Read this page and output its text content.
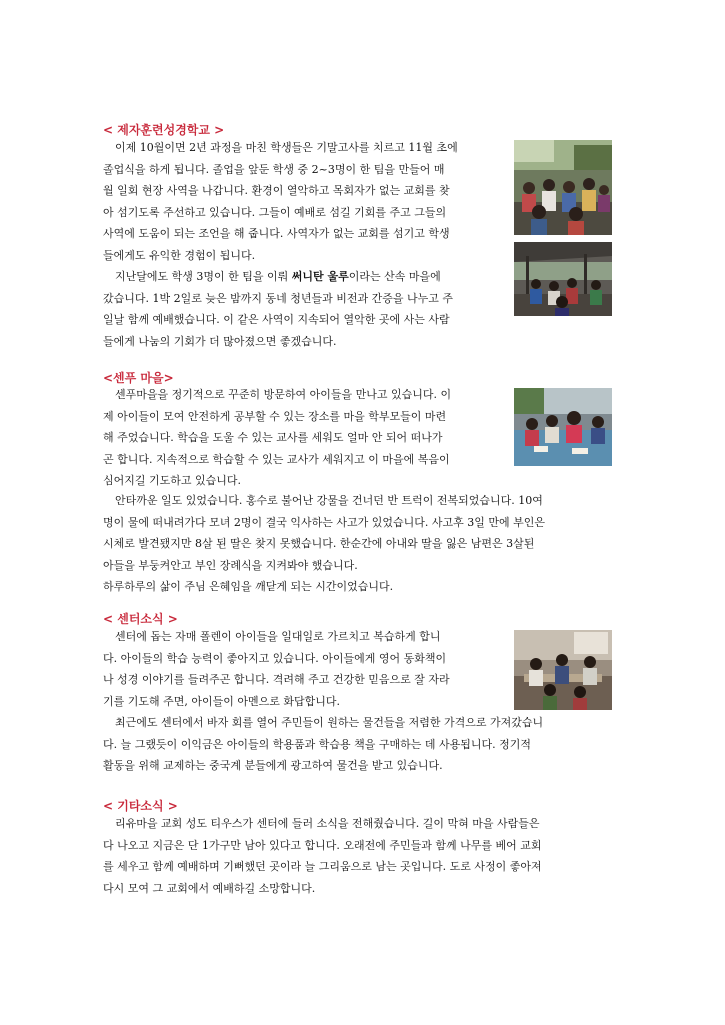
< 제자훈련성경학교 >
이제 10월이면 2년 과정을 마친 학생들은 기말고사를 치르고 11월 초에
졸업식을 하게 됩니다. 졸업을 앞둔 학생 중 2~3명이 한 팀을 만들어 매
월 일회 현장 사역을 나갑니다. 환경이 열악하고 목회자가 없는 교회를 찾
아 섬기도록 주선하고 있습니다. 그들이 예배로 섬길 기회를 주고 그들의
사역에 도움이 되는 조언을 해 줍니다. 사역자가 없는 교회를 섬기고 학생
들에게도 유익한 경험이 됩니다.
지난달에도 학생 3명이 한 팀을 이뤄 써니탄 울루이라는 산속 마을에
갔습니다. 1박 2일로 늦은 밤까지 동네 청년들과 비전과 간증을 나누고 주
일날 함께 예배했습니다. 이 같은 사역이 지속되어 열악한 곳에 사는 사람
들에게 나눔의 기회가 더 많아졌으면 좋겠습니다.
<센푸 마을>
센푸마을을 정기적으로 꾸준히 방문하여 아이들을 만나고 있습니다. 이
제 아이들이 모여 안전하게 공부할 수 있는 장소를 마을 학부모들이 마련
해 주었습니다. 학습을 도울 수 있는 교사를 세워도 얼마 안 되어 떠나가
곤 합니다. 지속적으로 학습할 수 있는 교사가 세워지고 이 마을에 복음이
심어지길 기도하고 있습니다.
안타까운 일도 있었습니다. 홍수로 불어난 강물을 건너던 반 트럭이 전복되었습니다. 10여
명이 물에 떠내려가다 모녀 2명이 결국 익사하는 사고가 있었습니다. 사고후 3일 만에 부인은
시체로 발견됐지만 8살 된 딸은 찾지 못했습니다. 한순간에 아내와 딸을 잃은 남편은 3살된
아들을 부둥켜안고 부인 장례식을 지켜봐야 했습니다.
하루하루의 삶이 주님 은혜임을 깨닫게 되는 시간이었습니다.
< 센터소식 >
센터에 돕는 자매 폴렌이 아이들을 일대일로 가르치고 복습하게 합니
다. 아이들의 학습 능력이 좋아지고 있습니다. 아이들에게 영어 동화책이
나 성경 이야기를 들려주곤 합니다. 격려해 주고 건강한 믿음으로 잘 자라
기를 기도해 주면, 아이들이 아멘으로 화답합니다.
최근에도 센터에서 바자 회를 열어 주민들이 원하는 물건들을 저렴한 가격으로 가져갔습니
다. 늘 그랬듯이 이익금은 아이들의 학용품과 학습용 책을 구매하는 데 사용됩니다. 정기적
활동을 위해 교제하는 중국계 분들에게 광고하여 물건을 받고 있습니다.
< 기타소식 >
리유마을 교회 성도 티우스가 센터에 들러 소식을 전해줬습니다. 길이 막혀 마을 사람들은
다 나오고 지금은 단 1가구만 남아 있다고 합니다. 오래전에 주민들과 함께 나무를 베어 교회
를 세우고 함께 예배하며 기뻐했던 곳이라 늘 그리움으로 남는 곳입니다. 도로 사정이 좋아져
다시 모여 그 교회에서 예배하길 소망합니다.
